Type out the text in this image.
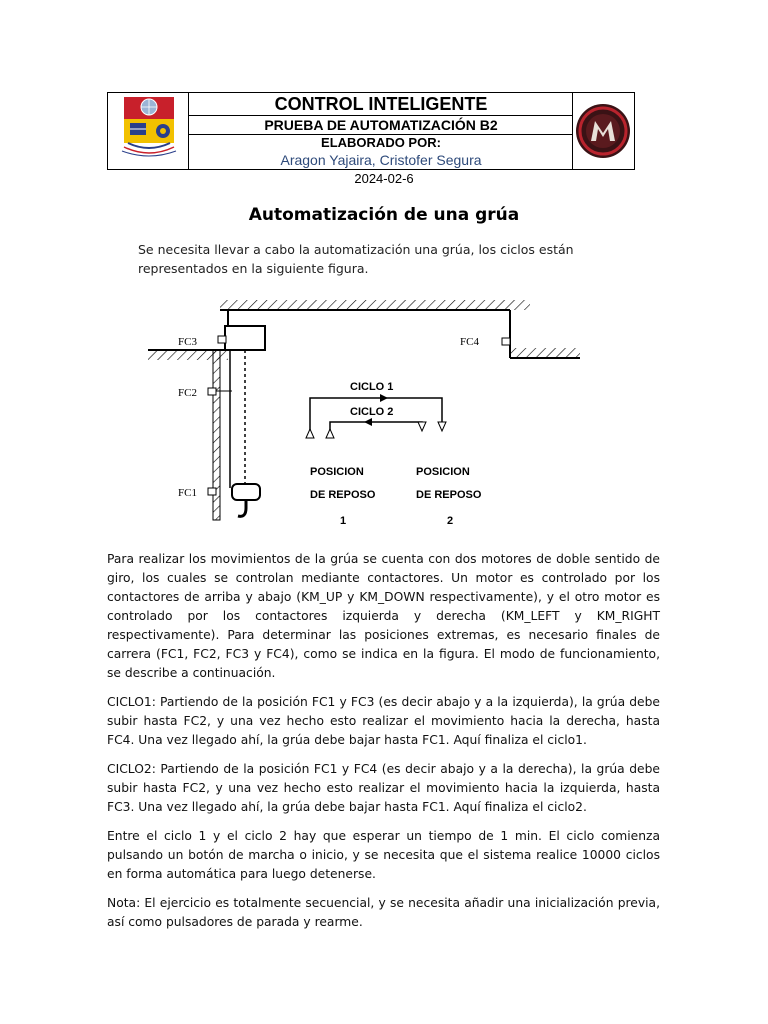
CONTROL INTELIGENTE
PRUEBA DE AUTOMATIZACIÓN B2
ELABORADO POR:
Aragon Yajaira, Cristofer Segura
2024-02-6
Automatización de una grúa
Se necesita llevar a cabo la automatización una grúa, los ciclos están representados en la siguiente figura.
FC3
FC2
FC1
FC4
CICLO 1
CICLO 2
POSICION
DE REPOSO
1
POSICION
DE REPOSO
2

Para realizar los movimientos de la grúa se cuenta con dos motores de doble sentido de giro, los cuales se controlan mediante contactores. Un motor es controlado por los contactores de arriba y abajo (KM_UP y KM_DOWN respectivamente), y el otro motor es controlado por los contactores izquierda y derecha (KM_LEFT y KM_RIGHT respectivamente). Para determinar las posiciones extremas, es necesario finales de carrera (FC1, FC2, FC3 y FC4), como se indica en la figura. El modo de funcionamiento, se describe a continuación.

CICLO1: Partiendo de la posición FC1 y FC3 (es decir abajo y a la izquierda), la grúa debe subir hasta FC2, y una vez hecho esto realizar el movimiento hacia la derecha, hasta FC4. Una vez llegado ahí, la grúa debe bajar hasta FC1. Aquí finaliza el ciclo1.

CICLO2: Partiendo de la posición FC1 y FC4 (es decir abajo y a la derecha), la grúa debe subir hasta FC2, y una vez hecho esto realizar el movimiento hacia la izquierda, hasta FC3. Una vez llegado ahí, la grúa debe bajar hasta FC1. Aquí finaliza el ciclo2.

Entre el ciclo 1 y el ciclo 2 hay que esperar un tiempo de 1 min. El ciclo comienza pulsando un botón de marcha o inicio, y se necesita que el sistema realice 10000 ciclos en forma automática para luego detenerse.

Nota: El ejercicio es totalmente secuencial, y se necesita añadir una inicialización previa, así como pulsadores de parada y rearme.
